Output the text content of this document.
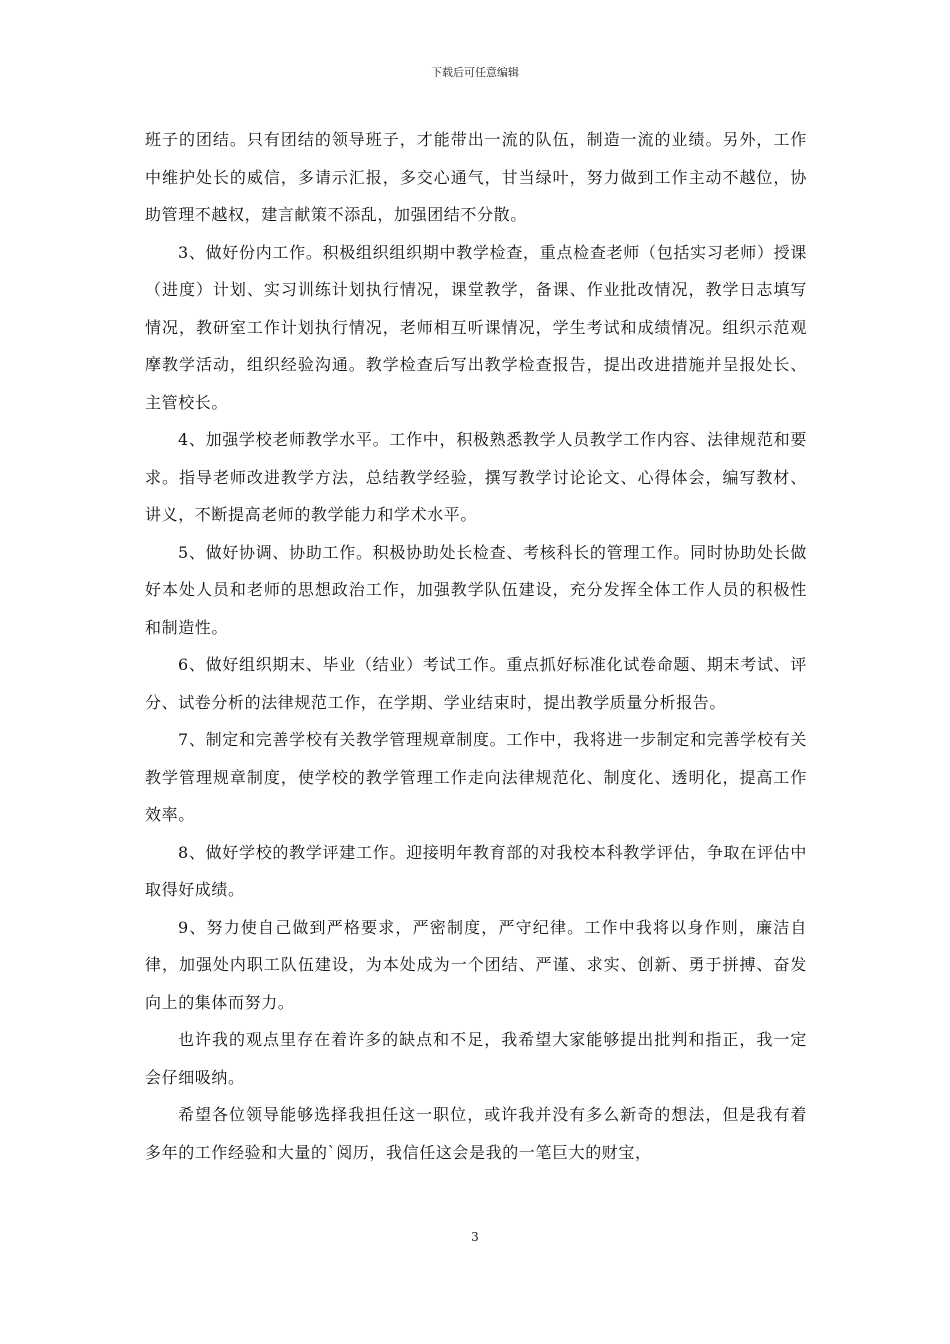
下载后可任意编辑

班子的团结。只有团结的领导班子，才能带出一流的队伍，制造一流的业绩。另外，工作中维护处长的威信，多请示汇报，多交心通气，甘当绿叶，努力做到工作主动不越位，协助管理不越权，建言献策不添乱，加强团结不分散。

3、做好份内工作。积极组织组织期中教学检查，重点检查老师（包括实习老师）授课（进度）计划、实习训练计划执行情况，课堂教学，备课、作业批改情况，教学日志填写情况，教研室工作计划执行情况，老师相互听课情况，学生考试和成绩情况。组织示范观摩教学活动，组织经验沟通。教学检查后写出教学检查报告，提出改进措施并呈报处长、主管校长。

4、加强学校老师教学水平。工作中，积极熟悉教学人员教学工作内容、法律规范和要求。指导老师改进教学方法，总结教学经验，撰写教学讨论论文、心得体会，编写教材、讲义，不断提高老师的教学能力和学术水平。

5、做好协调、协助工作。积极协助处长检查、考核科长的管理工作。同时协助处长做好本处人员和老师的思想政治工作，加强教学队伍建设，充分发挥全体工作人员的积极性和制造性。

6、做好组织期末、毕业（结业）考试工作。重点抓好标准化试卷命题、期末考试、评分、试卷分析的法律规范工作，在学期、学业结束时，提出教学质量分析报告。

7、制定和完善学校有关教学管理规章制度。工作中，我将进一步制定和完善学校有关教学管理规章制度，使学校的教学管理工作走向法律规范化、制度化、透明化，提高工作效率。

8、做好学校的教学评建工作。迎接明年教育部的对我校本科教学评估，争取在评估中取得好成绩。

9、努力使自己做到严格要求，严密制度，严守纪律。工作中我将以身作则，廉洁自律，加强处内职工队伍建设，为本处成为一个团结、严谨、求实、创新、勇于拼搏、奋发向上的集体而努力。

也许我的观点里存在着许多的缺点和不足，我希望大家能够提出批判和指正，我一定会仔细吸纳。

希望各位领导能够选择我担任这一职位，或许我并没有多么新奇的想法，但是我有着多年的工作经验和大量的`阅历，我信任这会是我的一笔巨大的财宝，

3
